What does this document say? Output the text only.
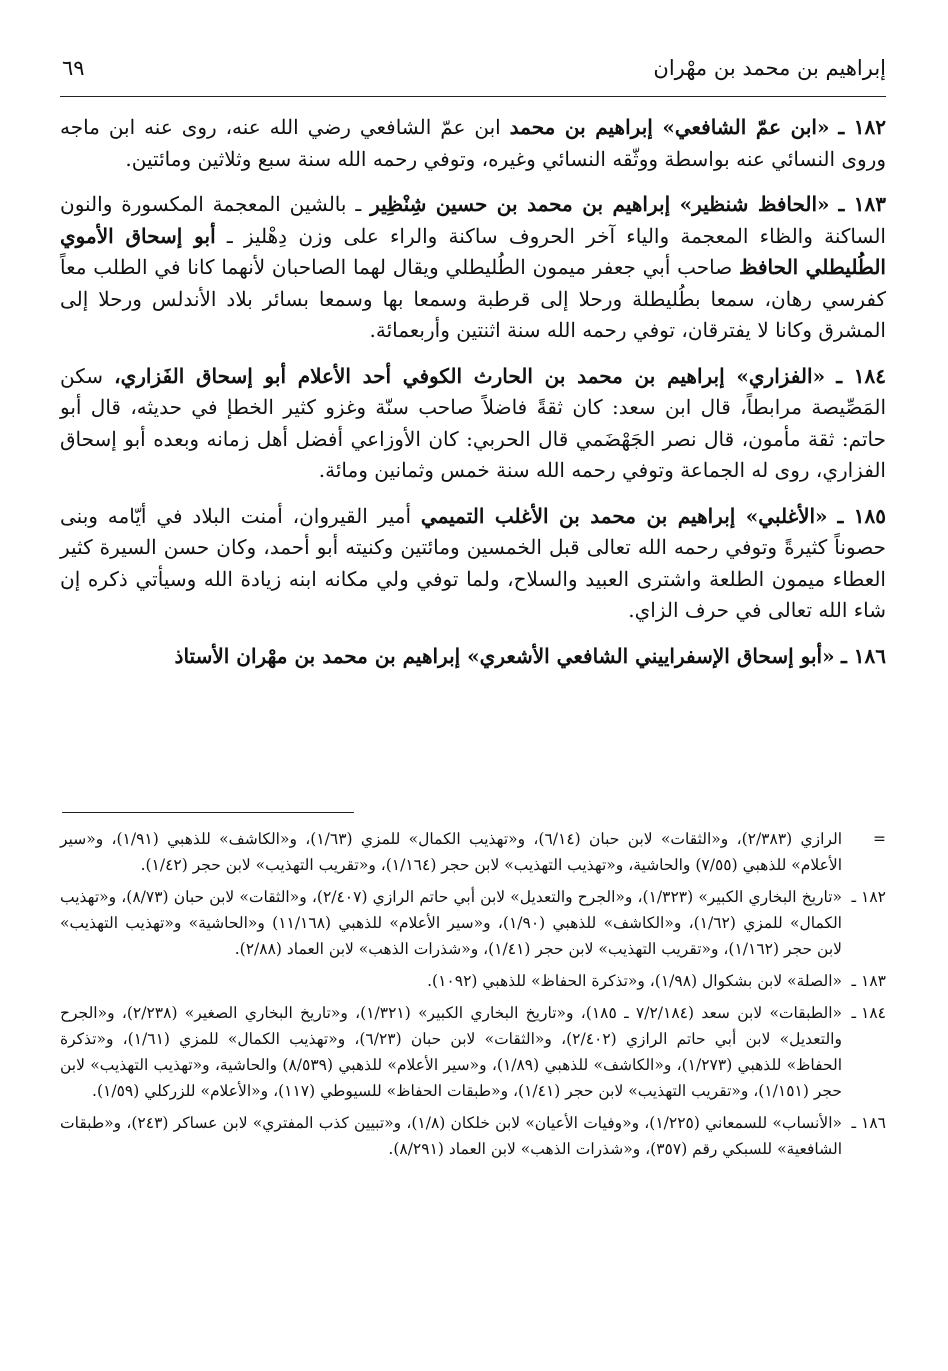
إبراهيم بن محمد بن مهْران
٦٩

١٨٢ ـ «ابن عمّ الشافعي» إبراهيم بن محمد ابن عمّ الشافعي رضي الله عنه، روى عنه ابن ماجه وروى النسائي عنه بواسطة ووثّقه النسائي وغيره، وتوفي رحمه الله سنة سبع وثلاثين ومائتين.

١٨٣ ـ «الحافظ شنظير» إبراهيم بن محمد بن حسين شِنْظِير ـ بالشين المعجمة المكسورة والنون الساكنة والظاء المعجمة والياء آخر الحروف ساكنة والراء على وزن دِهْليز ـ أبو إسحاق الأموي الطُليطلي الحافظ صاحب أبي جعفر ميمون الطُليطلي ويقال لهما الصاحبان لأنهما كانا في الطلب معاً كفرسي رهان، سمعا بطُليطلة ورحلا إلى قرطبة وسمعا بها وسمعا بسائر بلاد الأندلس ورحلا إلى المشرق وكانا لا يفترقان، توفي رحمه الله سنة اثنتين وأربعمائة.

١٨٤ ـ «الفزاري» إبراهيم بن محمد بن الحارث الكوفي أحد الأعلام أبو إسحاق الفَزاري، سكن المَصِّيصة مرابطاً، قال ابن سعد: كان ثقةً فاضلاً صاحب سنّة وغزو كثير الخطإ في حديثه، قال أبو حاتم: ثقة مأمون، قال نصر الجَهْضَمي قال الحربي: كان الأوزاعي أفضل أهل زمانه وبعده أبو إسحاق الفزاري، روى له الجماعة وتوفي رحمه الله سنة خمس وثمانين ومائة.

١٨٥ ـ «الأغلبي» إبراهيم بن محمد بن الأغلب التميمي أمير القيروان، أمنت البلاد في أيّامه وبنى حصوناً كثيرةً وتوفي رحمه الله تعالى قبل الخمسين ومائتين وكنيته أبو أحمد، وكان حسن السيرة كثير العطاء ميمون الطلعة واشترى العبيد والسلاح، ولما توفي ولي مكانه ابنه زيادة الله وسيأتي ذكره إن شاء الله تعالى في حرف الزاي.

١٨٦ ـ «أبو إسحاق الإسفراييني الشافعي الأشعري» إبراهيم بن محمد بن مهْران الأستاذ

=
الرازي (٢/٣٨٣)، و«الثقات» لابن حبان (٦/١٤)، و«تهذيب الكمال» للمزي (١/٦٣)، و«الكاشف» للذهبي (١/٩١)، و«سير الأعلام» للذهبي (٧/٥٥) والحاشية، و«تهذيب التهذيب» لابن حجر (١/١٦٤)، و«تقريب التهذيب» لابن حجر (١/٤٢).
١٨٢ ـ
«تاريخ البخاري الكبير» (١/٣٢٣)، و«الجرح والتعديل» لابن أبي حاتم الرازي (٢/٤٠٧)، و«الثقات» لابن حبان (٨/٧٣)، و«تهذيب الكمال» للمزي (١/٦٢)، و«الكاشف» للذهبي (١/٩٠)، و«سير الأعلام» للذهبي (١١/١٦٨) و«الحاشية» و«تهذيب التهذيب» لابن حجر (١/١٦٢)، و«تقريب التهذيب» لابن حجر (١/٤١)، و«شذرات الذهب» لابن العماد (٢/٨٨).
١٨٣ ـ
«الصلة» لابن بشكوال (١/٩٨)، و«تذكرة الحفاظ» للذهبي (١٠٩٢).
١٨٤ ـ
«الطبقات» لابن سعد (٧/٢/١٨٤ ـ ١٨٥)، و«تاريخ البخاري الكبير» (١/٣٢١)، و«تاريخ البخاري الصغير» (٢/٢٣٨)، و«الجرح والتعديل» لابن أبي حاتم الرازي (٢/٤٠٢)، و«الثقات» لابن حبان (٦/٢٣)، و«تهذيب الكمال» للمزي (١/٦١)، و«تذكرة الحفاظ» للذهبي (١/٢٧٣)، و«الكاشف» للذهبي (١/٨٩)، و«سير الأعلام» للذهبي (٨/٥٣٩) والحاشية، و«تهذيب التهذيب» لابن حجر (١/١٥١)، و«تقريب التهذيب» لابن حجر (١/٤١)، و«طبقات الحفاظ» للسيوطي (١١٧)، و«الأعلام» للزركلي (١/٥٩).
١٨٦ ـ
«الأنساب» للسمعاني (١/٢٢٥)، و«وفيات الأعيان» لابن خلكان (١/٨)، و«تبيين كذب المفتري» لابن عساكر (٢٤٣)، و«طبقات الشافعية» للسبكي رقم (٣٥٧)، و«شذرات الذهب» لابن العماد (٨/٢٩١).
